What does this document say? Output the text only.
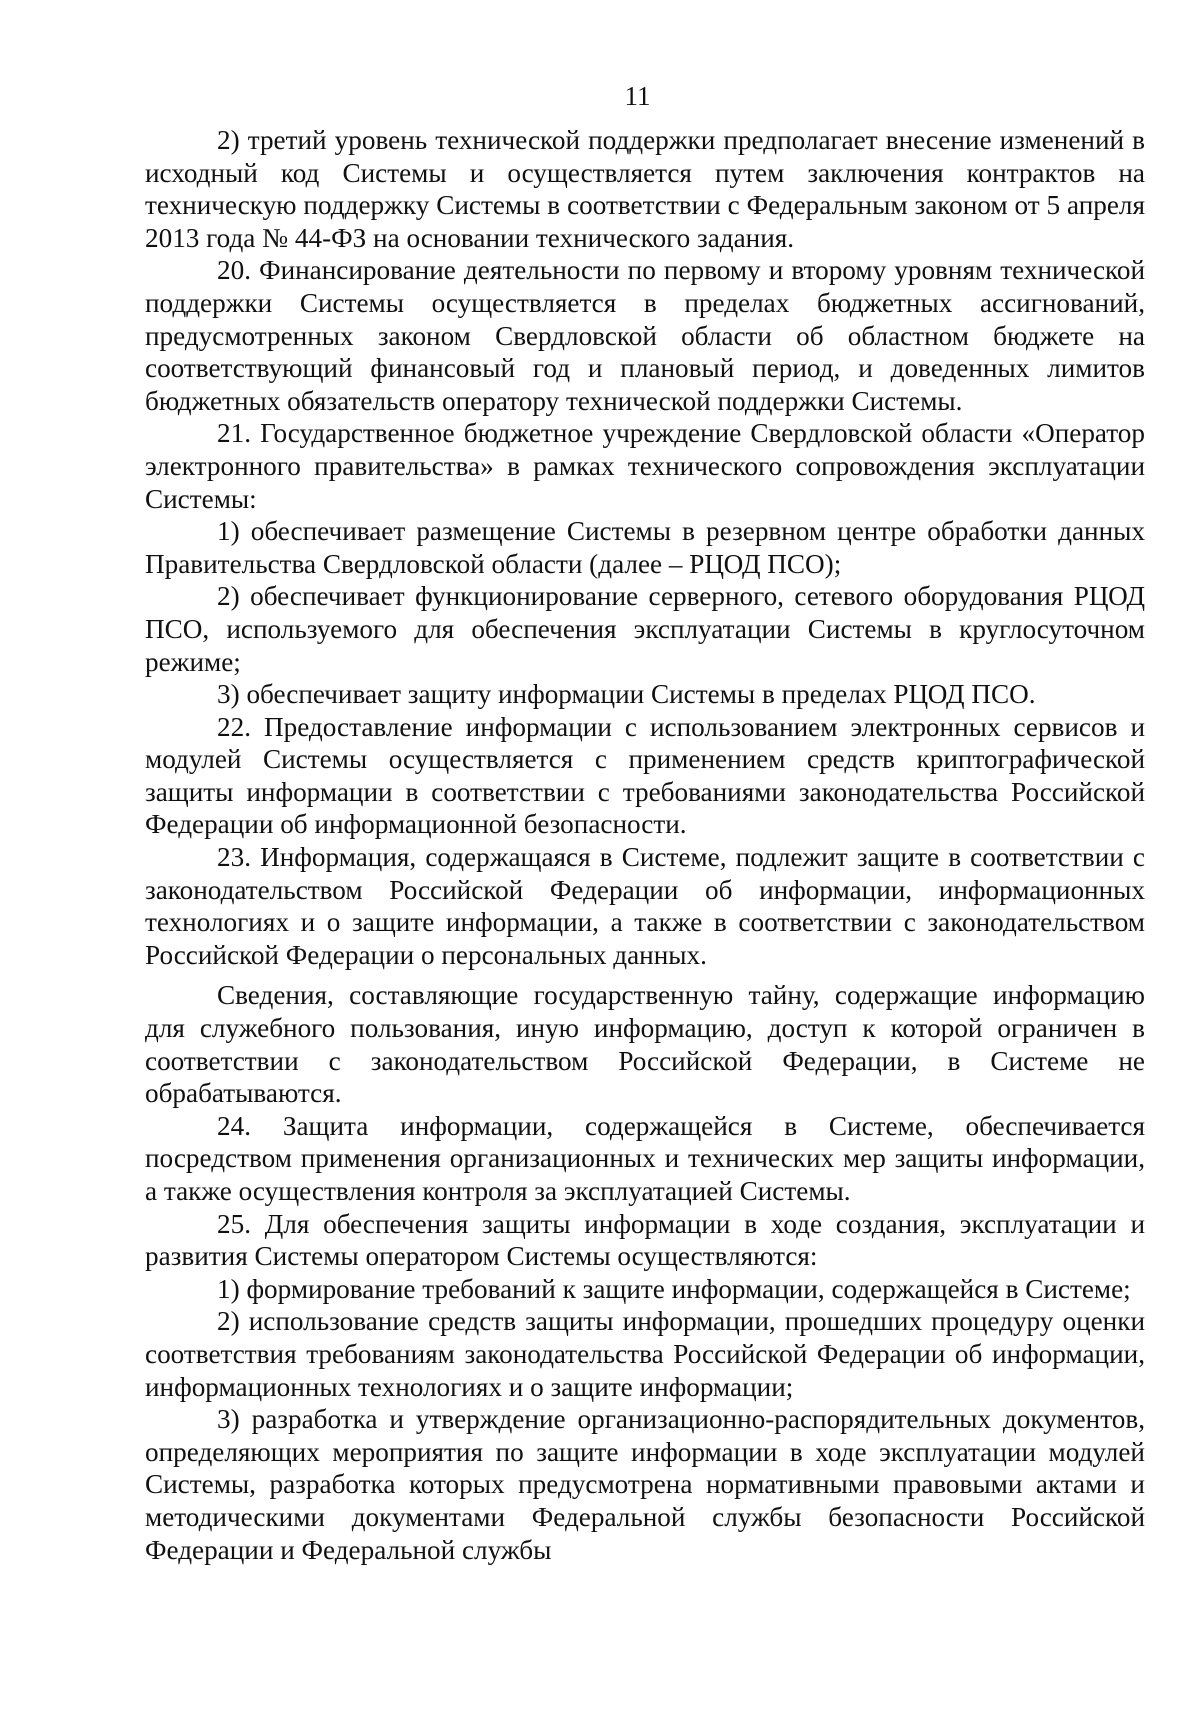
11

2) третий уровень технической поддержки предполагает внесение изменений в исходный код Системы и осуществляется путем заключения контрактов на техническую поддержку Системы в соответствии с Федеральным законом от 5 апреля 2013 года № 44-ФЗ на основании технического задания.

20. Финансирование деятельности по первому и второму уровням технической поддержки Системы осуществляется в пределах бюджетных ассигнований, предусмотренных законом Свердловской области об областном бюджете на соответствующий финансовый год и плановый период, и доведенных лимитов бюджетных обязательств оператору технической поддержки Системы.

21. Государственное бюджетное учреждение Свердловской области «Оператор электронного правительства» в рамках технического сопровождения эксплуатации Системы:

1) обеспечивает размещение Системы в резервном центре обработки данных Правительства Свердловской области (далее – РЦОД ПСО);

2) обеспечивает функционирование серверного, сетевого оборудования РЦОД ПСО, используемого для обеспечения эксплуатации Системы в круглосуточном режиме;

3) обеспечивает защиту информации Системы в пределах РЦОД ПСО.

22. Предоставление информации с использованием электронных сервисов и модулей Системы осуществляется с применением средств криптографической защиты информации в соответствии с требованиями законодательства Российской Федерации об информационной безопасности.

23. Информация, содержащаяся в Системе, подлежит защите в соответствии с законодательством Российской Федерации об информации, информационных технологиях и о защите информации, а также в соответствии с законодательством Российской Федерации о персональных данных.

Сведения, составляющие государственную тайну, содержащие информацию для служебного пользования, иную информацию, доступ к которой ограничен в соответствии с законодательством Российской Федерации, в Системе не обрабатываются.

24. Защита информации, содержащейся в Системе, обеспечивается посредством применения организационных и технических мер защиты информации, а также осуществления контроля за эксплуатацией Системы.

25. Для обеспечения защиты информации в ходе создания, эксплуатации и развития Системы оператором Системы осуществляются:

1) формирование требований к защите информации, содержащейся в Системе;

2) использование средств защиты информации, прошедших процедуру оценки соответствия требованиям законодательства Российской Федерации об информации, информационных технологиях и о защите информации;

3) разработка и утверждение организационно-распорядительных документов, определяющих мероприятия по защите информации в ходе эксплуатации модулей Системы, разработка которых предусмотрена нормативными правовыми актами и методическими документами Федеральной службы безопасности Российской Федерации и Федеральной службы
